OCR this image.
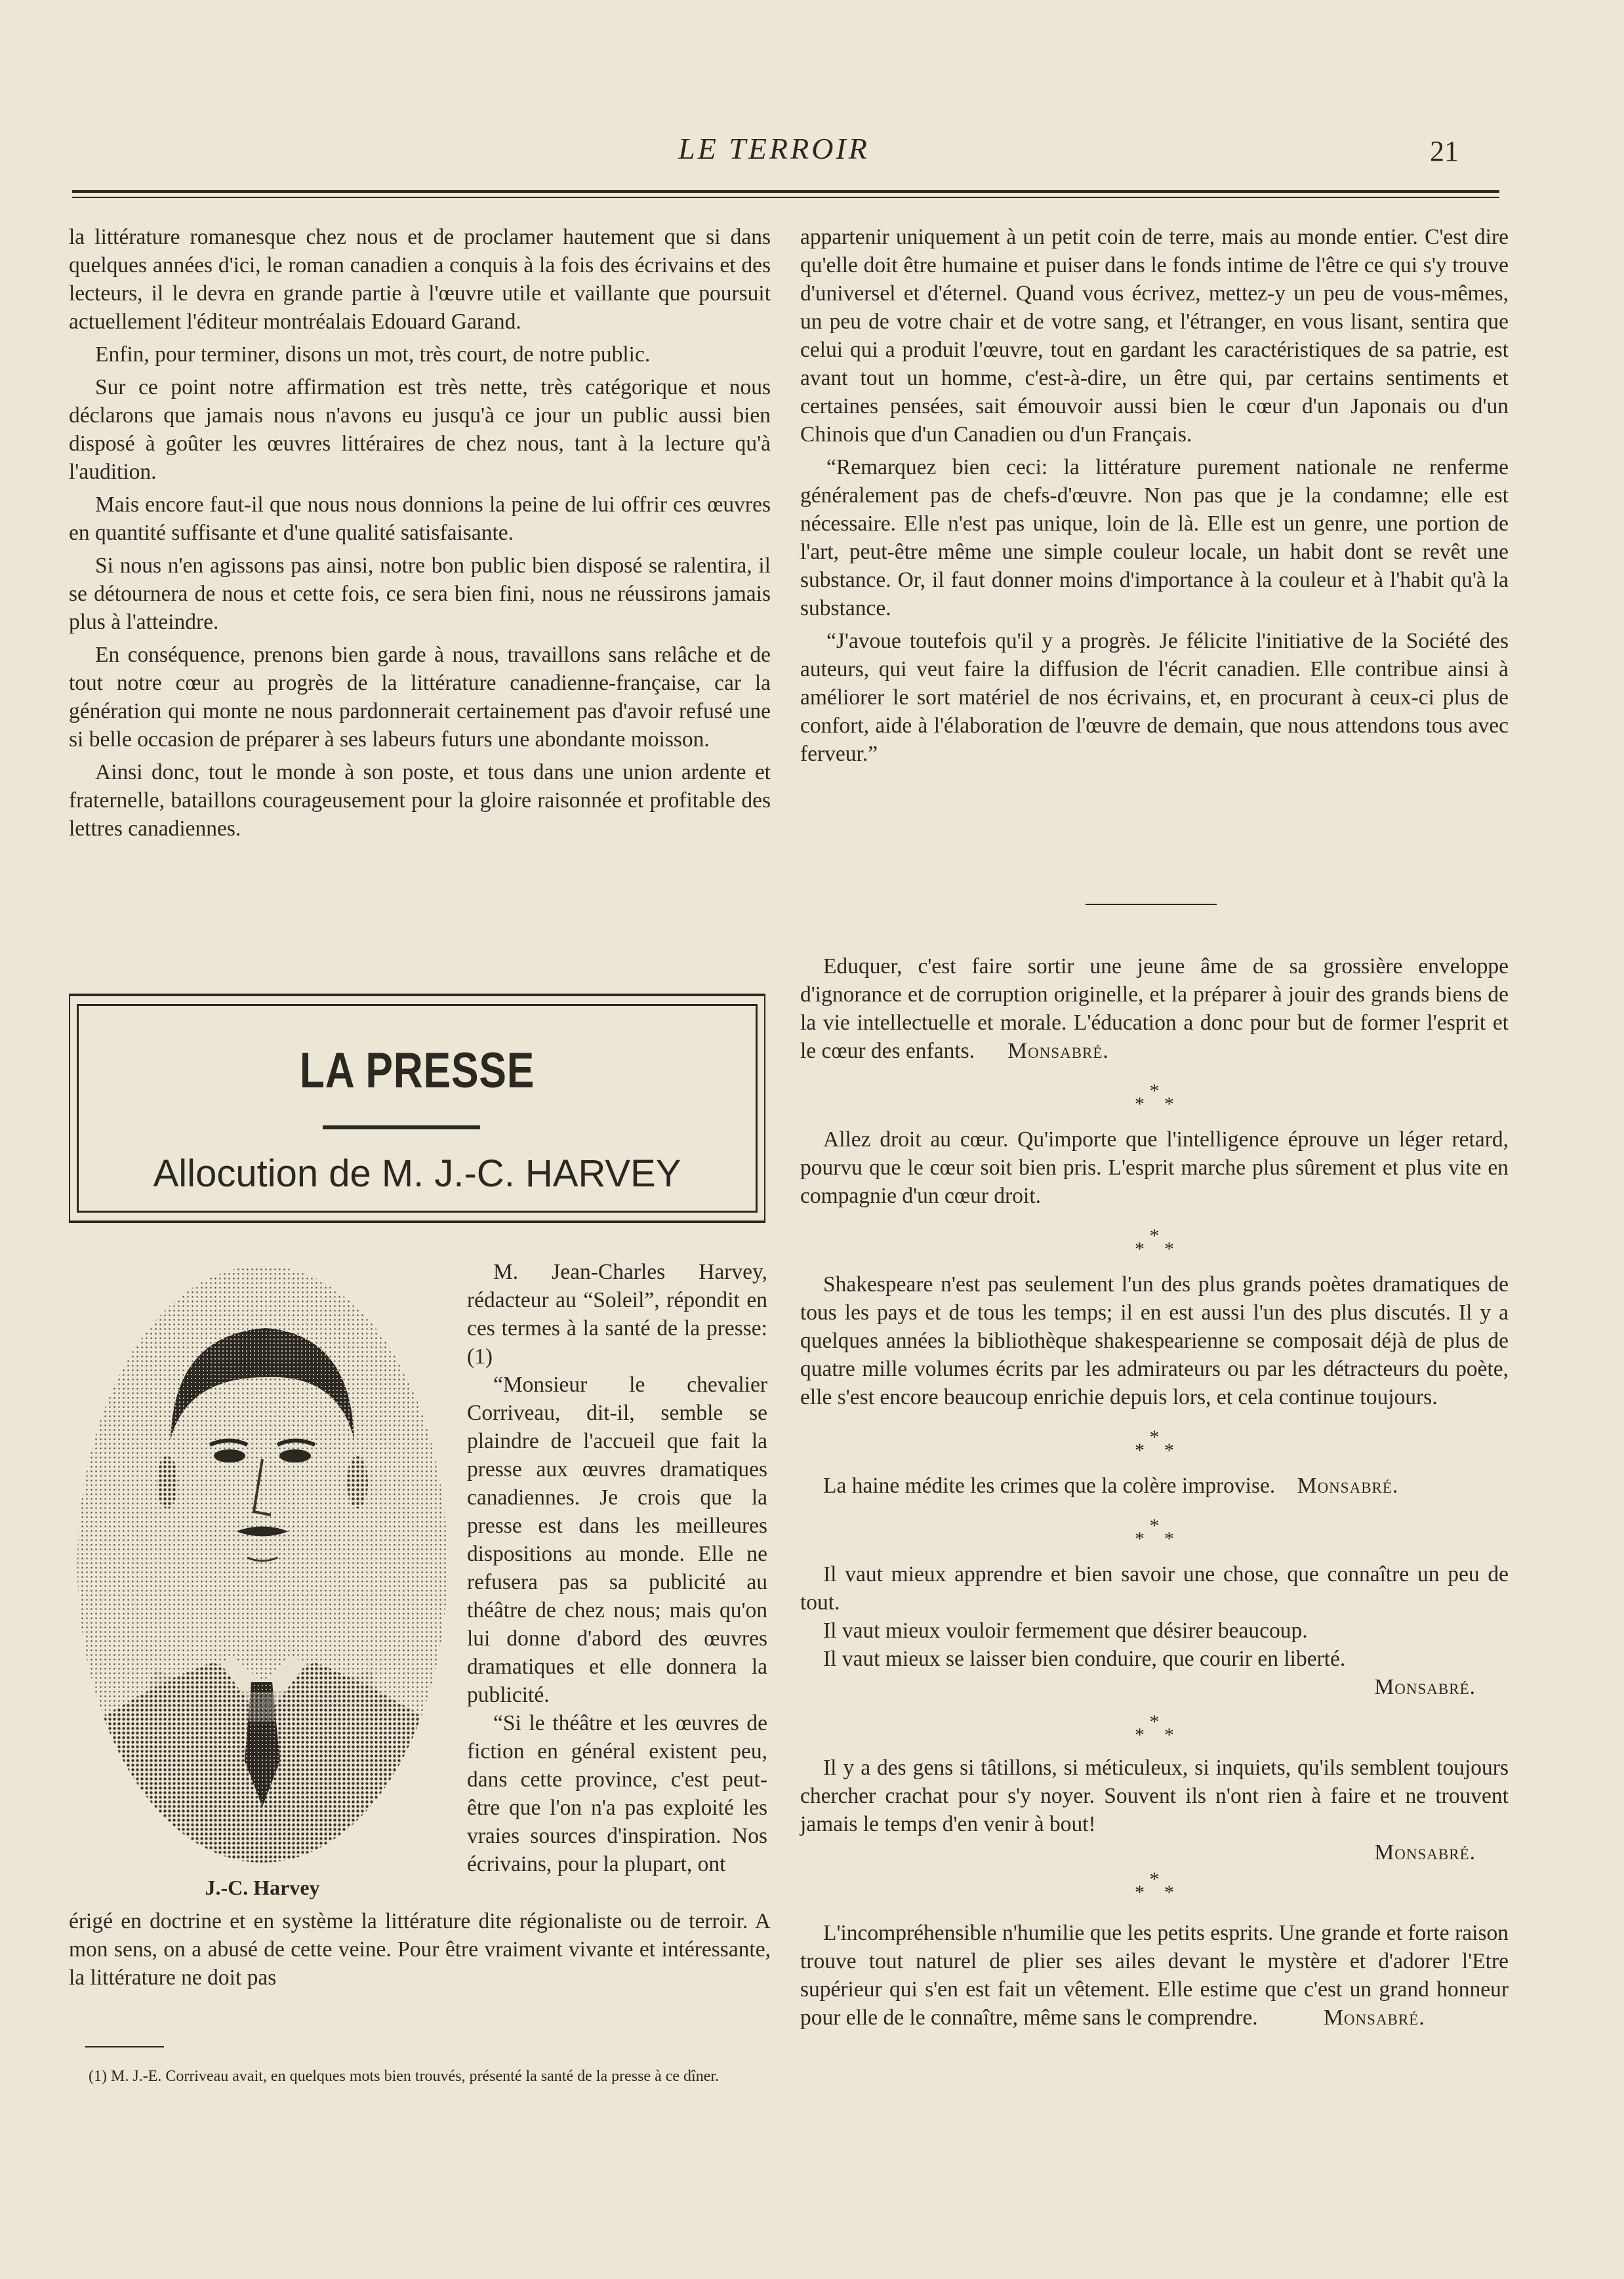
LE TERROIR	21

la littérature romanesque chez nous et de proclamer hautement que si dans quelques années d'ici, le roman canadien a conquis à la fois des écrivains et des lecteurs, il le devra en grande partie à l'œuvre utile et vaillante que poursuit actuellement l'éditeur montréalais Edouard Garand.

Enfin, pour terminer, disons un mot, très court, de notre public.

Sur ce point notre affirmation est très nette, très catégorique et nous déclarons que jamais nous n'avons eu jusqu'à ce jour un public aussi bien disposé à goûter les œuvres littéraires de chez nous, tant à la lecture qu'à l'audition.

Mais encore faut-il que nous nous donnions la peine de lui offrir ces œuvres en quantité suffisante et d'une qualité satisfaisante.

Si nous n'en agissons pas ainsi, notre bon public bien disposé se ralentira, il se détournera de nous et cette fois, ce sera bien fini, nous ne réussirons jamais plus à l'atteindre.

En conséquence, prenons bien garde à nous, travaillons sans relâche et de tout notre cœur au progrès de la littérature canadienne-française, car la génération qui monte ne nous pardonnerait certainement pas d'avoir refusé une si belle occasion de préparer à ses labeurs futurs une abondante moisson.

Ainsi donc, tout le monde à son poste, et tous dans une union ardente et fraternelle, bataillons courageusement pour la gloire raisonnée et profitable des lettres canadiennes.

LA PRESSE
Allocution de M. J.-C. HARVEY
J.-C. Harvey

M. Jean-Charles Harvey, rédacteur au “Soleil”, répondit en ces termes à la santé de la presse: (1)

“Monsieur le chevalier Corriveau, dit-il, semble se plaindre de l'accueil que fait la presse aux œuvres dramatiques canadiennes. Je crois que la presse est dans les meilleures dispositions au monde. Elle ne refusera pas sa publicité au théâtre de chez nous; mais qu'on lui donne d'abord des œuvres dramatiques et elle donnera la publicité.

“Si le théâtre et les œuvres de fiction en général existent peu, dans cette province, c'est peut-être que l'on n'a pas exploité les vraies sources d'inspiration. Nos écrivains, pour la plupart, ont

érigé en doctrine et en système la littérature dite régionaliste ou de terroir. A mon sens, on a abusé de cette veine. Pour être vraiment vivante et intéressante, la littérature ne doit pas

(1) M. J.-E. Corriveau avait, en quelques mots bien trouvés, présenté la santé de la presse à ce dîner.

appartenir uniquement à un petit coin de terre, mais au monde entier. C'est dire qu'elle doit être humaine et puiser dans le fonds intime de l'être ce qui s'y trouve d'universel et d'éternel. Quand vous écrivez, mettez-y un peu de vous-mêmes, un peu de votre chair et de votre sang, et l'étranger, en vous lisant, sentira que celui qui a produit l'œuvre, tout en gardant les caractéristiques de sa patrie, est avant tout un homme, c'est-à-dire, un être qui, par certains sentiments et certaines pensées, sait émouvoir aussi bien le cœur d'un Japonais ou d'un Chinois que d'un Canadien ou d'un Français.

“Remarquez bien ceci: la littérature purement nationale ne renferme généralement pas de chefs-d'œuvre. Non pas que je la condamne; elle est nécessaire. Elle n'est pas unique, loin de là. Elle est un genre, une portion de l'art, peut-être même une simple couleur locale, un habit dont se revêt une substance. Or, il faut donner moins d'importance à la couleur et à l'habit qu'à la substance.

“J'avoue toutefois qu'il y a progrès. Je félicite l'initiative de la Société des auteurs, qui veut faire la diffusion de l'écrit canadien. Elle contribue ainsi à améliorer le sort matériel de nos écrivains, et, en procurant à ceux-ci plus de confort, aide à l'élaboration de l'œuvre de demain, que nous attendons tous avec ferveur.”

Eduquer, c'est faire sortir une jeune âme de sa grossière enveloppe d'ignorance et de corruption originelle, et la préparer à jouir des grands biens de la vie intellectuelle et morale. L'éducation a donc pour but de former l'esprit et le cœur des enfants. Monsabré.

*
* *

Allez droit au cœur. Qu'importe que l'intelligence éprouve un léger retard, pourvu que le cœur soit bien pris. L'esprit marche plus sûrement et plus vite en compagnie d'un cœur droit.

*
* *

Shakespeare n'est pas seulement l'un des plus grands poètes dramatiques de tous les pays et de tous les temps; il en est aussi l'un des plus discutés. Il y a quelques années la bibliothèque shakespearienne se composait déjà de plus de quatre mille volumes écrits par les admirateurs ou par les détracteurs du poète, elle s'est encore beaucoup enrichie depuis lors, et cela continue toujours.

*
* *

La haine médite les crimes que la colère improvise. Monsabré.

*
* *

Il vaut mieux apprendre et bien savoir une chose, que connaître un peu de tout.

Il vaut mieux vouloir fermement que désirer beaucoup.

Il vaut mieux se laisser bien conduire, que courir en liberté.

Monsabré.
*
* *

Il y a des gens si tâtillons, si méticuleux, si inquiets, qu'ils semblent toujours chercher crachat pour s'y noyer. Souvent ils n'ont rien à faire et ne trouvent jamais le temps d'en venir à bout!

Monsabré.
*
* *

L'incompréhensible n'humilie que les petits esprits. Une grande et forte raison trouve tout naturel de plier ses ailes devant le mystère et d'adorer l'Etre supérieur qui s'en est fait un vêtement. Elle estime que c'est un grand honneur pour elle de le connaître, même sans le comprendre.	Monsabré.
